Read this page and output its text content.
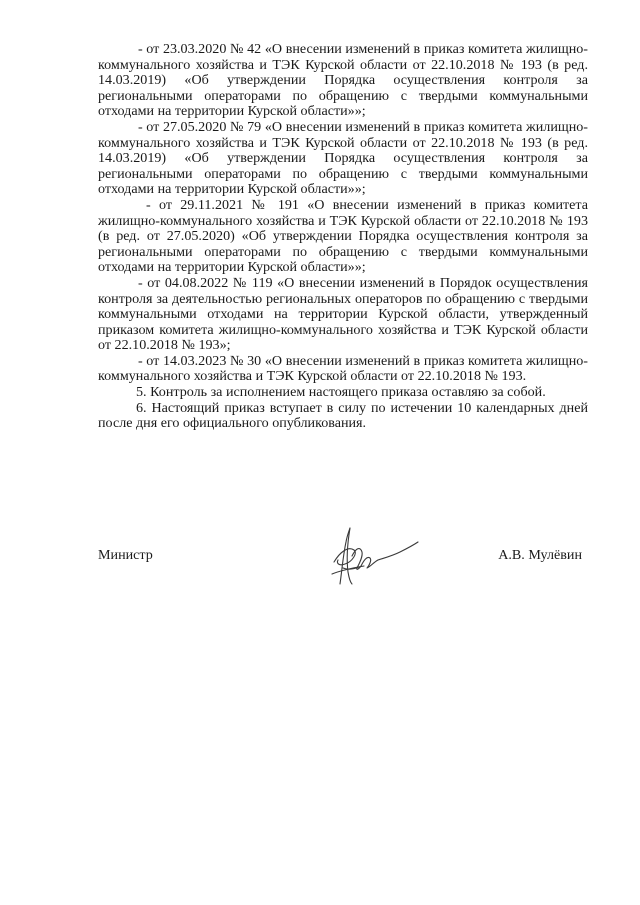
- от 23.03.2020 № 42 «О внесении изменений в приказ комитета жилищно-коммунального хозяйства и ТЭК Курской области от 22.10.2018 № 193 (в ред. 14.03.2019) «Об утверждении Порядка осуществления контроля за региональными операторами по обращению с твердыми коммунальными отходами на территории Курской области»»;

- от 27.05.2020 № 79 «О внесении изменений в приказ комитета жилищно-коммунального хозяйства и ТЭК Курской области от 22.10.2018 № 193 (в ред. 14.03.2019) «Об утверждении Порядка осуществления контроля за региональными операторами по обращению с твердыми коммунальными отходами на территории Курской области»»;

- от 29.11.2021 № 191 «О внесении изменений в приказ комитета жилищно-коммунального хозяйства и ТЭК Курской области от 22.10.2018 № 193 (в ред. от 27.05.2020) «Об утверждении Порядка осуществления контроля за региональными операторами по обращению с твердыми коммунальными отходами на территории Курской области»»;

- от 04.08.2022 № 119 «О внесении изменений в Порядок осуществления контроля за деятельностью региональных операторов по обращению с твердыми коммунальными отходами на территории Курской области, утвержденный приказом комитета жилищно-коммунального хозяйства и ТЭК Курской области от 22.10.2018 № 193»;

- от 14.03.2023 № 30 «О внесении изменений в приказ комитета жилищно-коммунального хозяйства и ТЭК Курской области от 22.10.2018 № 193.

5. Контроль за исполнением настоящего приказа оставляю за собой.

6. Настоящий приказ вступает в силу по истечении 10 календарных дней после дня его официального опубликования.

Министр	А.В. Мулёвин
